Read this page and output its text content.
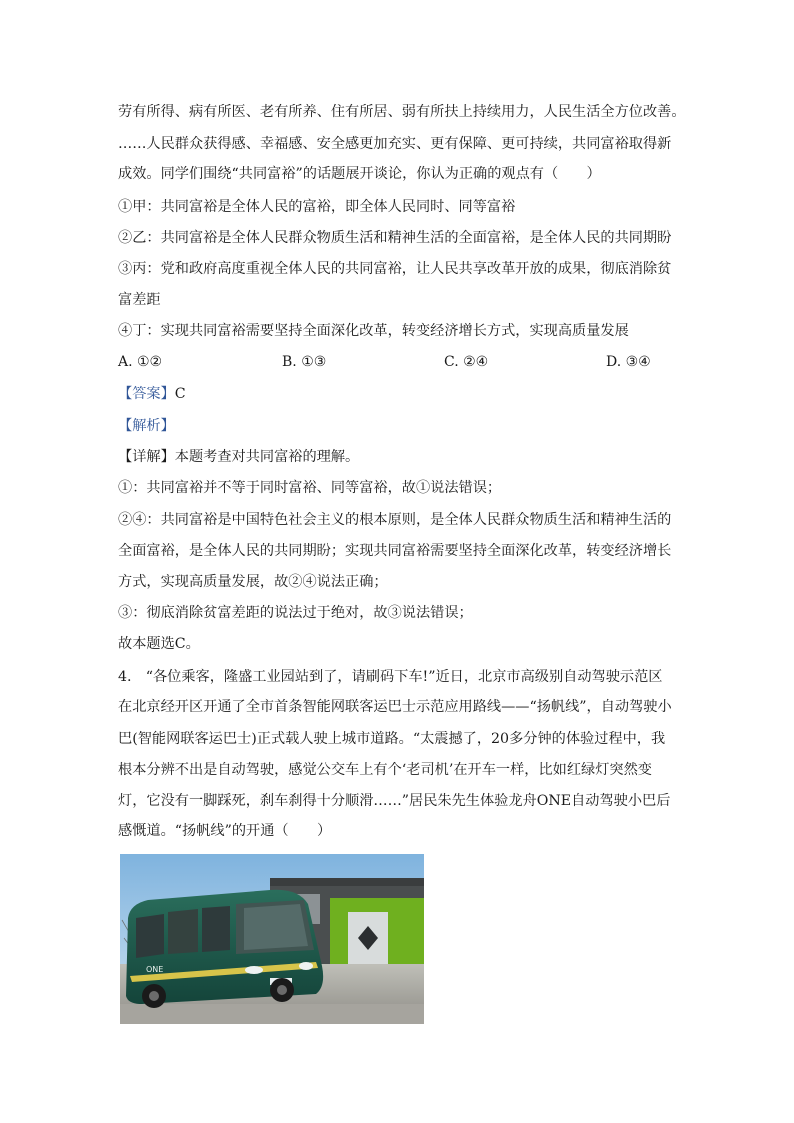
劳有所得、病有所医、老有所养、住有所居、弱有所扶上持续用力，人民生活全方位改善。
……人民群众获得感、幸福感、安全感更加充实、更有保障、更可持续，共同富裕取得新
成效。同学们围绕“共同富裕”的话题展开谈论，你认为正确的观点有（　　）
①甲：共同富裕是全体人民的富裕，即全体人民同时、同等富裕
②乙：共同富裕是全体人民群众物质生活和精神生活的全面富裕，是全体人民的共同期盼
③丙：党和政府高度重视全体人民的共同富裕，让人民共享改革开放的成果，彻底消除贫
富差距
④丁：实现共同富裕需要坚持全面深化改革，转变经济增长方式，实现高质量发展
A. ①②	B. ①③	C. ②④	D. ③④
【答案】C
【解析】
【详解】本题考查对共同富裕的理解。
①：共同富裕并不等于同时富裕、同等富裕，故①说法错误；
②④：共同富裕是中国特色社会主义的根本原则，是全体人民群众物质生活和精神生活的
全面富裕，是全体人民的共同期盼；实现共同富裕需要坚持全面深化改革，转变经济增长
方式，实现高质量发展，故②④说法正确；
③：彻底消除贫富差距的说法过于绝对，故③说法错误；
故本题选C。
4.　“各位乘客，隆盛工业园站到了，请刷码下车!”近日，北京市高级别自动驾驶示范区
在北京经开区开通了全市首条智能网联客运巴士示范应用路线——“扬帆线”，自动驾驶小
巴(智能网联客运巴士)正式载人驶上城市道路。“太震撼了，20多分钟的体验过程中，我
根本分辨不出是自动驾驶，感觉公交车上有个‘老司机’在开车一样，比如红绿灯突然变
灯，它没有一脚踩死，刹车刹得十分顺滑……”居民朱先生体验龙舟ONE自动驾驶小巴后
感慨道。“扬帆线”的开通（　　）
ONE
